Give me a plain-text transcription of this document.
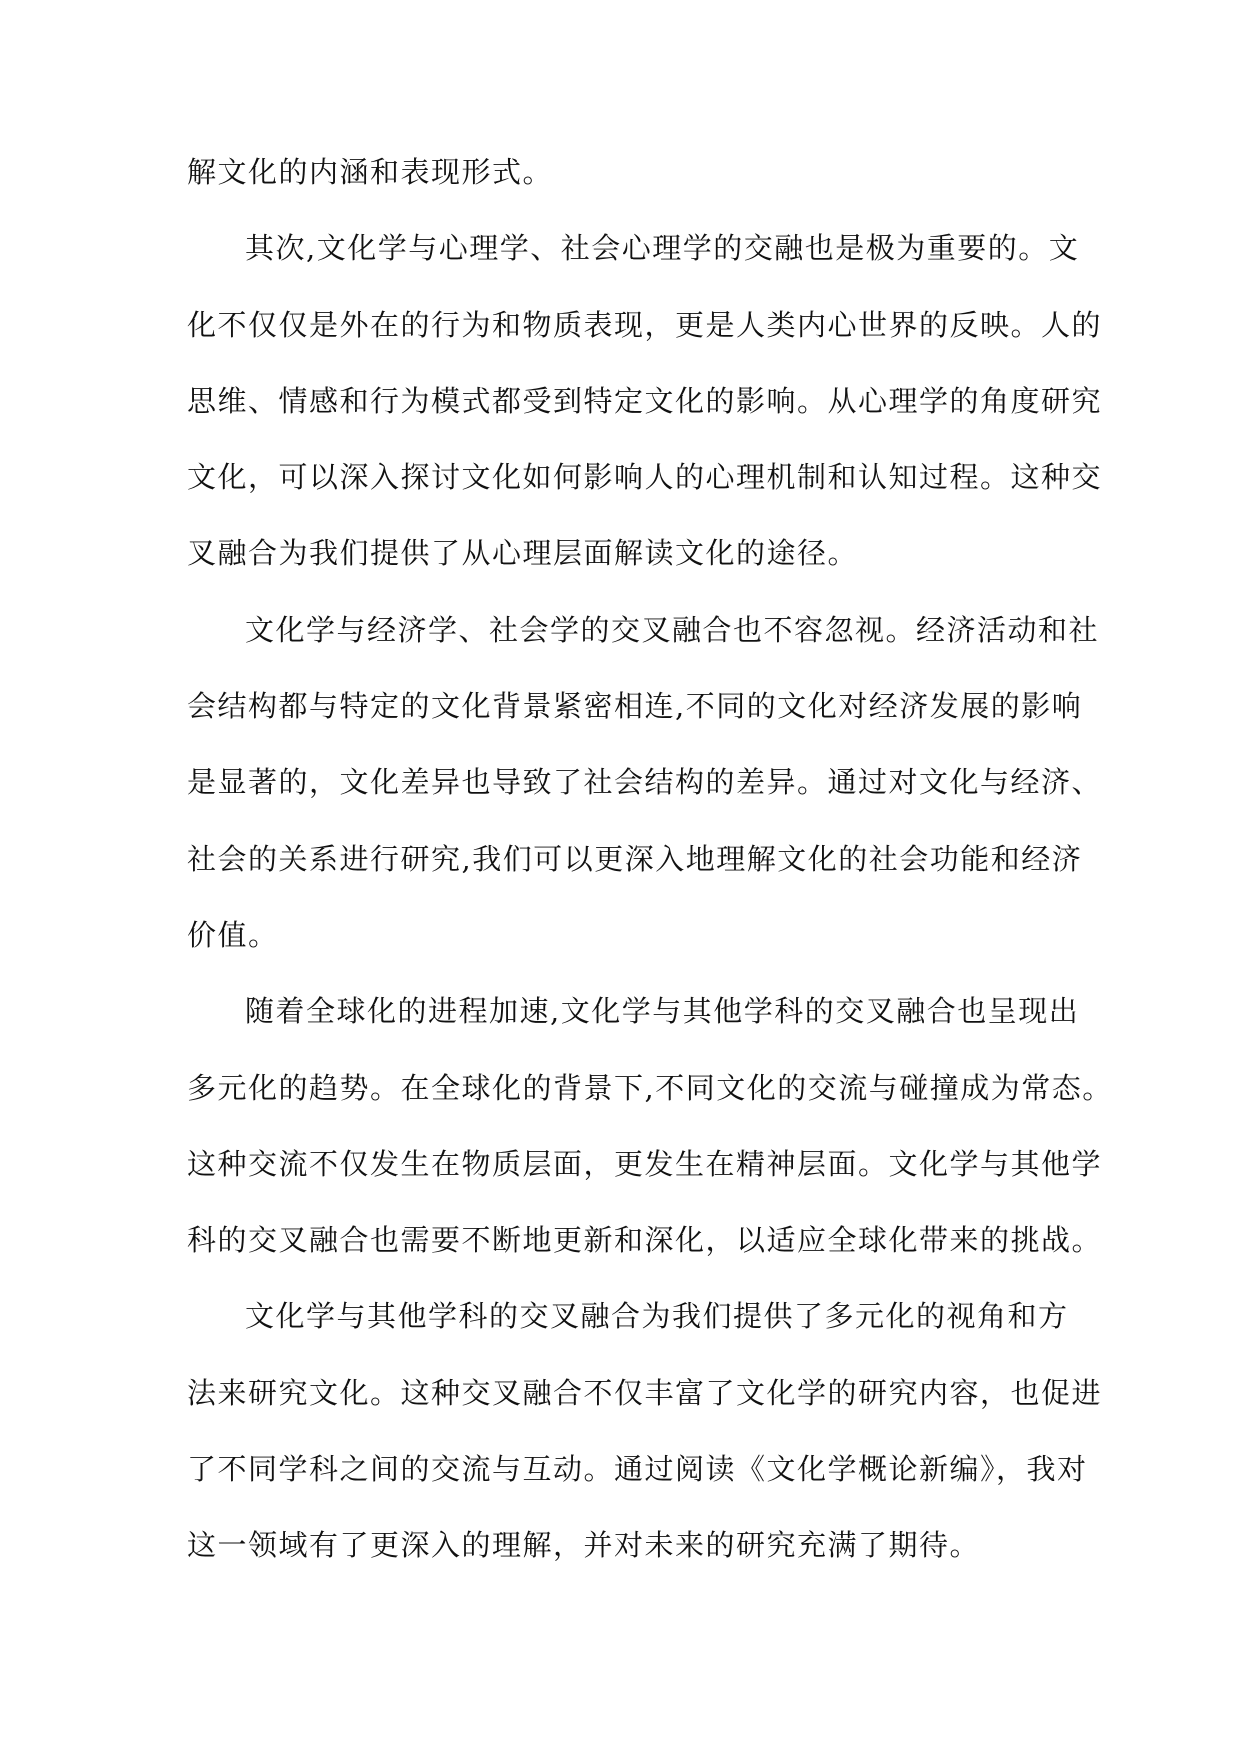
解文化的内涵和表现形式。
其次,文化学与心理学、社会心理学的交融也是极为重要的。文
化不仅仅是外在的行为和物质表现，更是人类内心世界的反映。人的
思维、情感和行为模式都受到特定文化的影响。从心理学的角度研究
文化，可以深入探讨文化如何影响人的心理机制和认知过程。这种交
叉融合为我们提供了从心理层面解读文化的途径。
文化学与经济学、社会学的交叉融合也不容忽视。经济活动和社
会结构都与特定的文化背景紧密相连,不同的文化对经济发展的影响
是显著的，文化差异也导致了社会结构的差异。通过对文化与经济、
社会的关系进行研究,我们可以更深入地理解文化的社会功能和经济
价值。
随着全球化的进程加速,文化学与其他学科的交叉融合也呈现出
多元化的趋势。在全球化的背景下,不同文化的交流与碰撞成为常态。
这种交流不仅发生在物质层面，更发生在精神层面。文化学与其他学
科的交叉融合也需要不断地更新和深化，以适应全球化带来的挑战。
文化学与其他学科的交叉融合为我们提供了多元化的视角和方
法来研究文化。这种交叉融合不仅丰富了文化学的研究内容，也促进
了不同学科之间的交流与互动。通过阅读《文化学概论新编》，我对
这一领域有了更深入的理解，并对未来的研究充满了期待。
